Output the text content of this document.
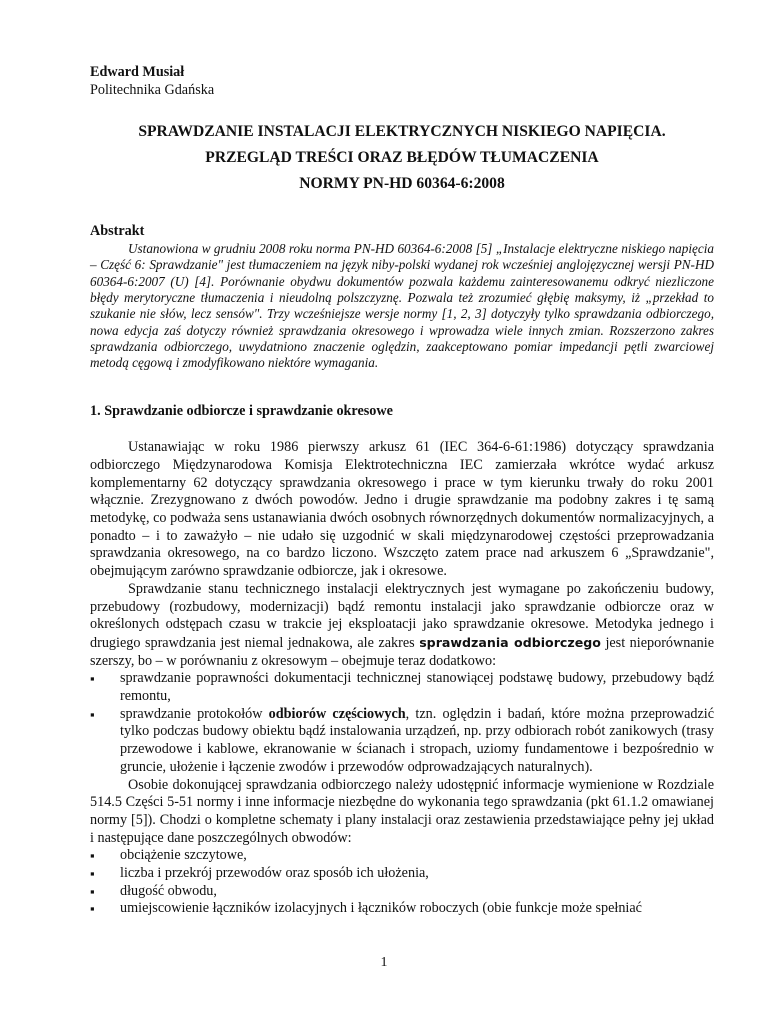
Edward Musiał
Politechnika Gdańska
SPRAWDZANIE INSTALACJI ELEKTRYCZNYCH NISKIEGO NAPIĘCIA.
PRZEGLĄD TREŚCI ORAZ BŁĘDÓW TŁUMACZENIA
NORMY PN-HD 60364-6:2008
Abstrakt
Ustanowiona w grudniu 2008 roku norma PN-HD 60364-6:2008 [5] „Instalacje elektryczne niskiego napięcia – Część 6: Sprawdzanie" jest tłumaczeniem na język niby-polski wydanej rok wcześniej anglojęzycznej wersji PN-HD 60364-6:2007 (U) [4]. Porównanie obydwu dokumentów pozwala każdemu zainteresowanemu odkryć niezliczone błędy merytoryczne tłumaczenia i nieudolną polszczyznę. Pozwala też zrozumieć głębię maksymy, iż „przekład to szukanie nie słów, lecz sensów". Trzy wcześniejsze wersje normy [1, 2, 3] dotyczyły tylko sprawdzania odbiorczego, nowa edycja zaś dotyczy również sprawdzania okresowego i wprowadza wiele innych zmian. Rozszerzono zakres sprawdzania odbiorczego, uwydatniono znaczenie oględzin, zaakceptowano pomiar impedancji pętli zwarciowej metodą cęgową i zmodyfikowano niektóre wymagania.
1. Sprawdzanie odbiorcze i sprawdzanie okresowe
Ustanawiając w roku 1986 pierwszy arkusz 61 (IEC 364-6-61:1986) dotyczący sprawdzania odbiorczego Międzynarodowa Komisja Elektrotechniczna IEC zamierzała wkrótce wydać arkusz komplementarny 62 dotyczący sprawdzania okresowego i prace w tym kierunku trwały do roku 2001 włącznie. Zrezygnowano z dwóch powodów. Jedno i drugie sprawdzanie ma podobny zakres i tę samą metodykę, co podważa sens ustanawiania dwóch osobnych równorzędnych dokumentów normalizacyjnych, a ponadto – i to zaważyło – nie udało się uzgodnić w skali międzynarodowej częstości przeprowadzania sprawdzania okresowego, na co bardzo liczono. Wszczęto zatem prace nad arkuszem 6 „Sprawdzanie", obejmującym zarówno sprawdzanie odbiorcze, jak i okresowe.
Sprawdzanie stanu technicznego instalacji elektrycznych jest wymagane po zakończeniu budowy, przebudowy (rozbudowy, modernizacji) bądź remontu instalacji jako sprawdzanie odbiorcze oraz w określonych odstępach czasu w trakcie jej eksploatacji jako sprawdzanie okresowe. Metodyka jednego i drugiego sprawdzania jest niemal jednakowa, ale zakres sprawdzania odbiorczego jest nieporównanie szerszy, bo – w porównaniu z okresowym – obejmuje teraz dodatkowo:
▪ sprawdzanie poprawności dokumentacji technicznej stanowiącej podstawę budowy, przebudowy bądź remontu,
▪ sprawdzanie protokołów odbiorów częściowych, tzn. oględzin i badań, które można przeprowadzić tylko podczas budowy obiektu bądź instalowania urządzeń, np. przy odbiorach robót zanikowych (trasy przewodowe i kablowe, ekranowanie w ścianach i stropach, uziomy fundamentowe i bezpośrednio w gruncie, ułożenie i łączenie zwodów i przewodów odprowadzających naturalnych).
Osobie dokonującej sprawdzania odbiorczego należy udostępnić informacje wymienione w Rozdziale 514.5 Części 5-51 normy i inne informacje niezbędne do wykonania tego sprawdzania (pkt 61.1.2 omawianej normy [5]). Chodzi o kompletne schematy i plany instalacji oraz zestawienia przedstawiające pełny jej układ i następujące dane poszczególnych obwodów:
▪ obciążenie szczytowe,
▪ liczba i przekrój przewodów oraz sposób ich ułożenia,
▪ długość obwodu,
▪ umiejscowienie łączników izolacyjnych i łączników roboczych (obie funkcje może spełniać
1
